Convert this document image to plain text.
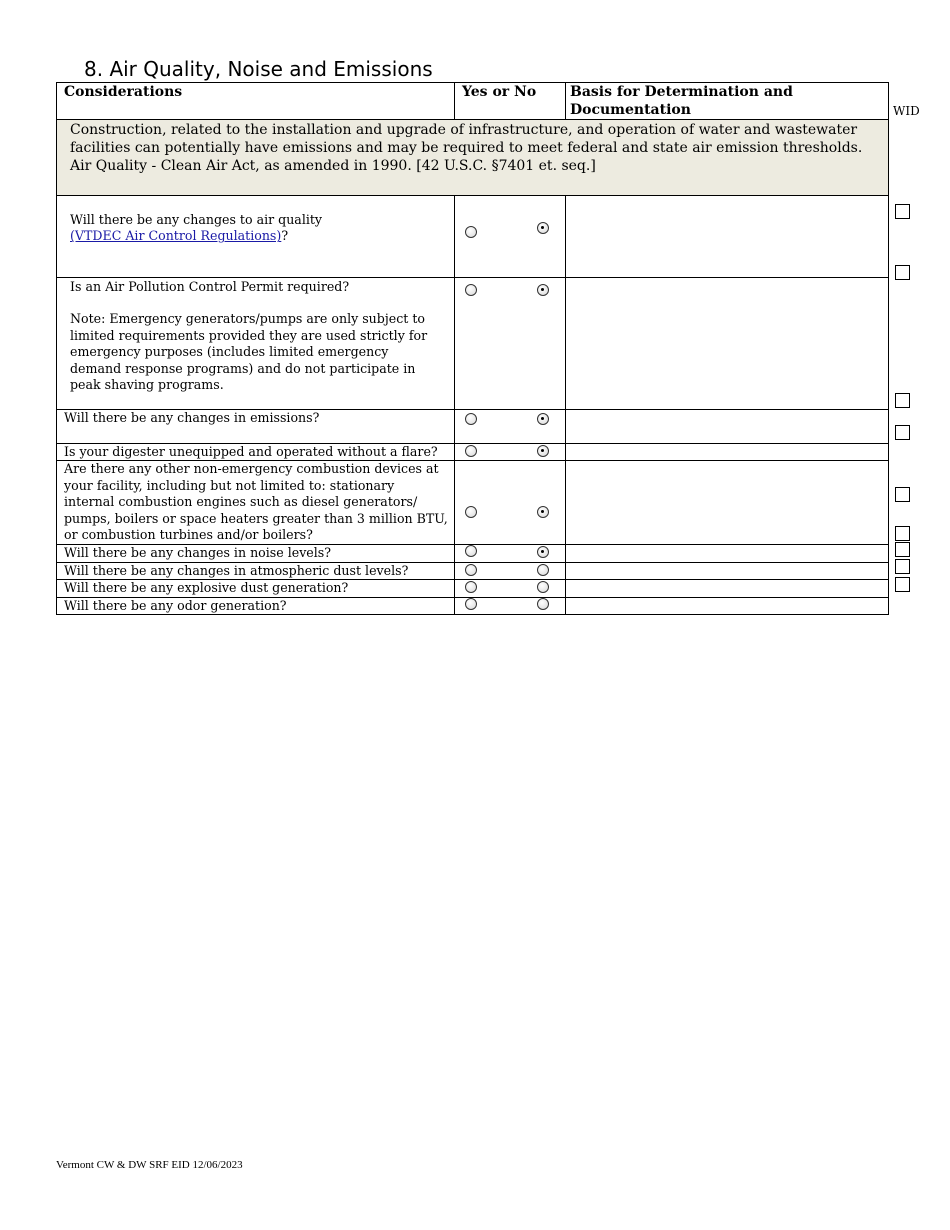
8. Air Quality, Noise and Emissions
WID
Considerations	Yes or No	Basis for Determination and Documentation

Construction, related to the installation and upgrade of infrastructure, and operation of water and wastewater facilities can potentially have emissions and may be required to meet federal and state air emission thresholds.
Air Quality - Clean Air Act, as amended in 1990. [42 U.S.C. §7401 et. seq.]		

Will there be any changes to air quality
(VTDEC Air Control Regulations)?		

Is an Air Pollution Control Permit required?

Note: Emergency generators/pumps are only subject to limited requirements provided they are used strictly for emergency purposes (includes limited emergency demand response programs) and do not participate in peak shaving programs.		

Will there be any changes in emissions?	

Is your digester unequipped and operated without a flare?	

Are there any other non-emergency combustion devices at your facility, including but not limited to: stationary internal combustion engines such as diesel generators/ pumps, boilers or space heaters greater than 3 million BTU, or combustion turbines and/or boilers?	

Will there be any changes in noise levels?	

Will there be any changes in atmospheric dust levels?	

Will there be any explosive dust generation?	

Will there be any odor generation?	

Vermont CW & DW SRF EID 12/06/2023
